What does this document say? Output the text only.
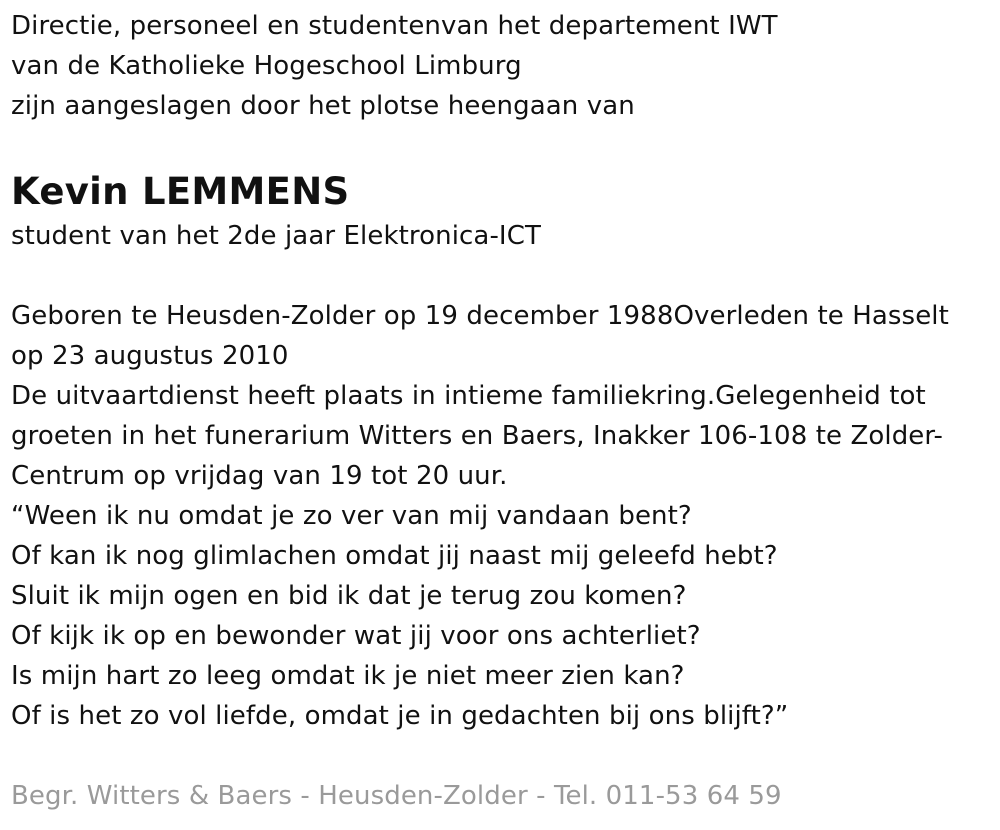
Directie, personeel en studentenvan het departement IWT
van de Katholieke Hogeschool Limburg
zijn aangeslagen door het plotse heengaan van
Kevin LEMMENS
student van het 2de jaar Elektronica-ICT
Geboren te Heusden-Zolder op 19 december 1988Overleden te Hasselt
op 23 augustus 2010
De uitvaartdienst heeft plaats in intieme familiekring.Gelegenheid tot
groeten in het funerarium Witters en Baers, Inakker 106-108 te Zolder-
Centrum op vrijdag van 19 tot 20 uur.
“Ween ik nu omdat je zo ver van mij vandaan bent?
Of kan ik nog glimlachen omdat jij naast mij geleefd hebt?
Sluit ik mijn ogen en bid ik dat je terug zou komen?
Of kijk ik op en bewonder wat jij voor ons achterliet?
Is mijn hart zo leeg omdat ik je niet meer zien kan?
Of is het zo vol liefde, omdat je in gedachten bij ons blijft?”
Begr. Witters & Baers - Heusden-Zolder - Tel. 011-53 64 59
